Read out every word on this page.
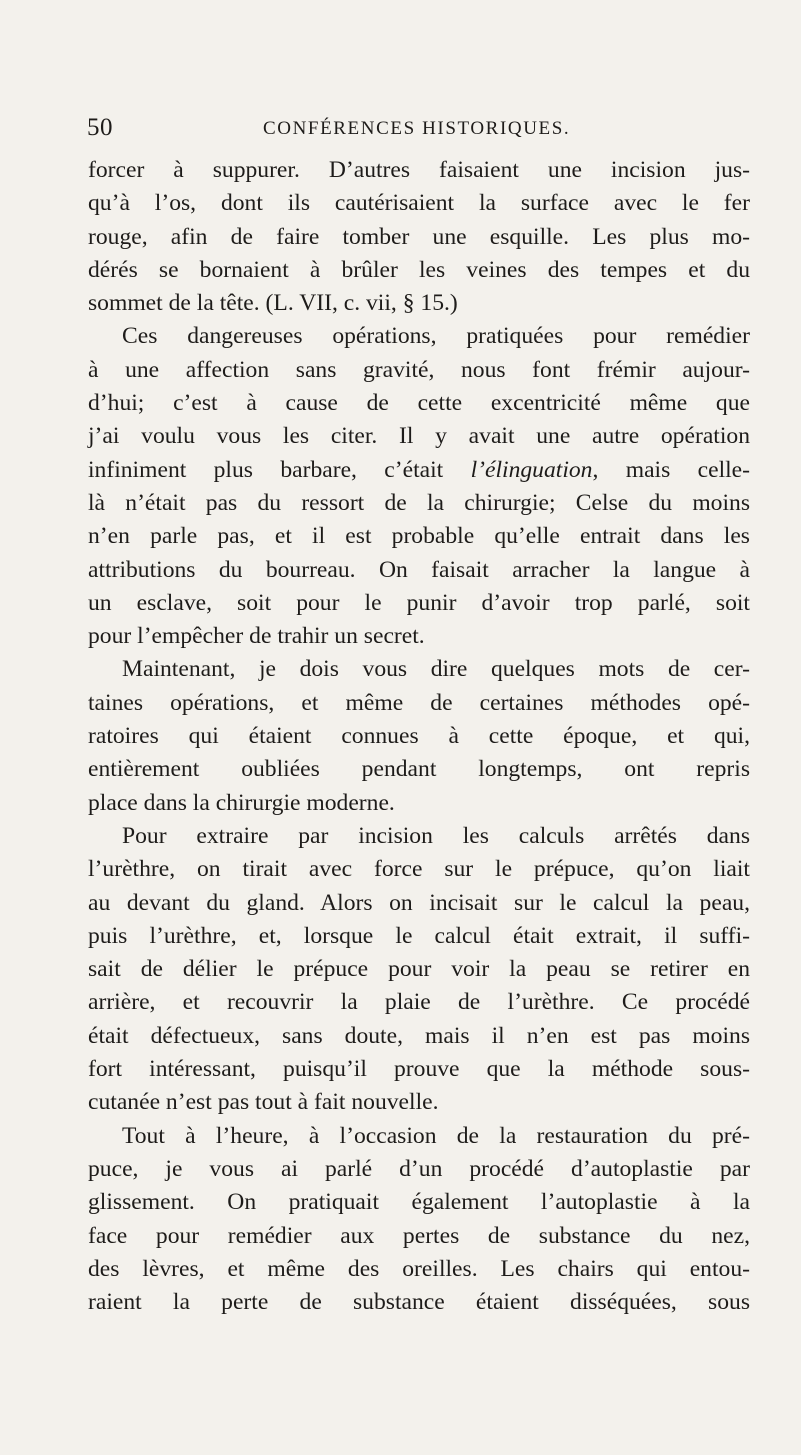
50	CONFÉRENCES HISTORIQUES.
forcer à suppurer. D’autres faisaient une incision jus-
qu’à l’os, dont ils cautérisaient la surface avec le fer
rouge, afin de faire tomber une esquille. Les plus mo-
dérés se bornaient à brûler les veines des tempes et du
sommet de la tête. (L. VII, c. vii, § 15.)
Ces dangereuses opérations, pratiquées pour remédier
à une affection sans gravité, nous font frémir aujour-
d’hui; c’est à cause de cette excentricité même que
j’ai voulu vous les citer. Il y avait une autre opération
infiniment plus barbare, c’était l’élinguation, mais celle-
là n’était pas du ressort de la chirurgie; Celse du moins
n’en parle pas, et il est probable qu’elle entrait dans les
attributions du bourreau. On faisait arracher la langue à
un esclave, soit pour le punir d’avoir trop parlé, soit
pour l’empêcher de trahir un secret.
Maintenant, je dois vous dire quelques mots de cer-
taines opérations, et même de certaines méthodes opé-
ratoires qui étaient connues à cette époque, et qui,
entièrement oubliées pendant longtemps, ont repris
place dans la chirurgie moderne.
Pour extraire par incision les calculs arrêtés dans
l’urèthre, on tirait avec force sur le prépuce, qu’on liait
au devant du gland. Alors on incisait sur le calcul la peau,
puis l’urèthre, et, lorsque le calcul était extrait, il suffi-
sait de délier le prépuce pour voir la peau se retirer en
arrière, et recouvrir la plaie de l’urèthre. Ce procédé
était défectueux, sans doute, mais il n’en est pas moins
fort intéressant, puisqu’il prouve que la méthode sous-
cutanée n’est pas tout à fait nouvelle.
Tout à l’heure, à l’occasion de la restauration du pré-
puce, je vous ai parlé d’un procédé d’autoplastie par
glissement. On pratiquait également l’autoplastie à la
face pour remédier aux pertes de substance du nez,
des lèvres, et même des oreilles. Les chairs qui entou-
raient la perte de substance étaient disséquées, sous
